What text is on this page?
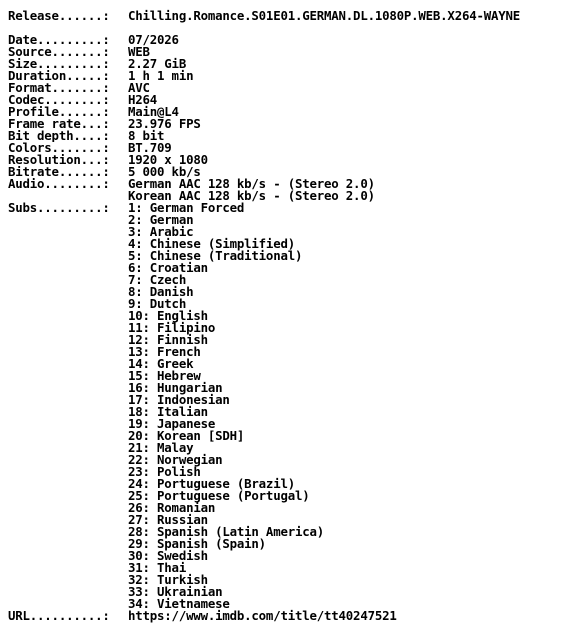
Release......:	Chilling.Romance.S01E01.GERMAN.DL.1080P.WEB.X264-WAYNE
Date.........:	07/2026
Source.......:	WEB
Size.........:	2.27 GiB
Duration.....:	1 h 1 min
Format.......:	AVC
Codec........:	H264
Profile......:	Main@L4
Frame rate...:	23.976 FPS
Bit depth....:	8 bit
Colors.......:	BT.709
Resolution...:	1920 x 1080
Bitrate......:	5 000 kb/s
Audio........:	German AAC 128 kb/s - (Stereo 2.0)
Korean AAC 128 kb/s - (Stereo 2.0)
Subs.........:	1: German Forced
2: German
3: Arabic
4: Chinese (Simplified)
5: Chinese (Traditional)
6: Croatian
7: Czech
8: Danish
9: Dutch
10: English
11: Filipino
12: Finnish
13: French
14: Greek
15: Hebrew
16: Hungarian
17: Indonesian
18: Italian
19: Japanese
20: Korean [SDH]
21: Malay
22: Norwegian
23: Polish
24: Portuguese (Brazil)
25: Portuguese (Portugal)
26: Romanian
27: Russian
28: Spanish (Latin America)
29: Spanish (Spain)
30: Swedish
31: Thai
32: Turkish
33: Ukrainian
34: Vietnamese
URL..........:	https://www.imdb.com/title/tt40247521
